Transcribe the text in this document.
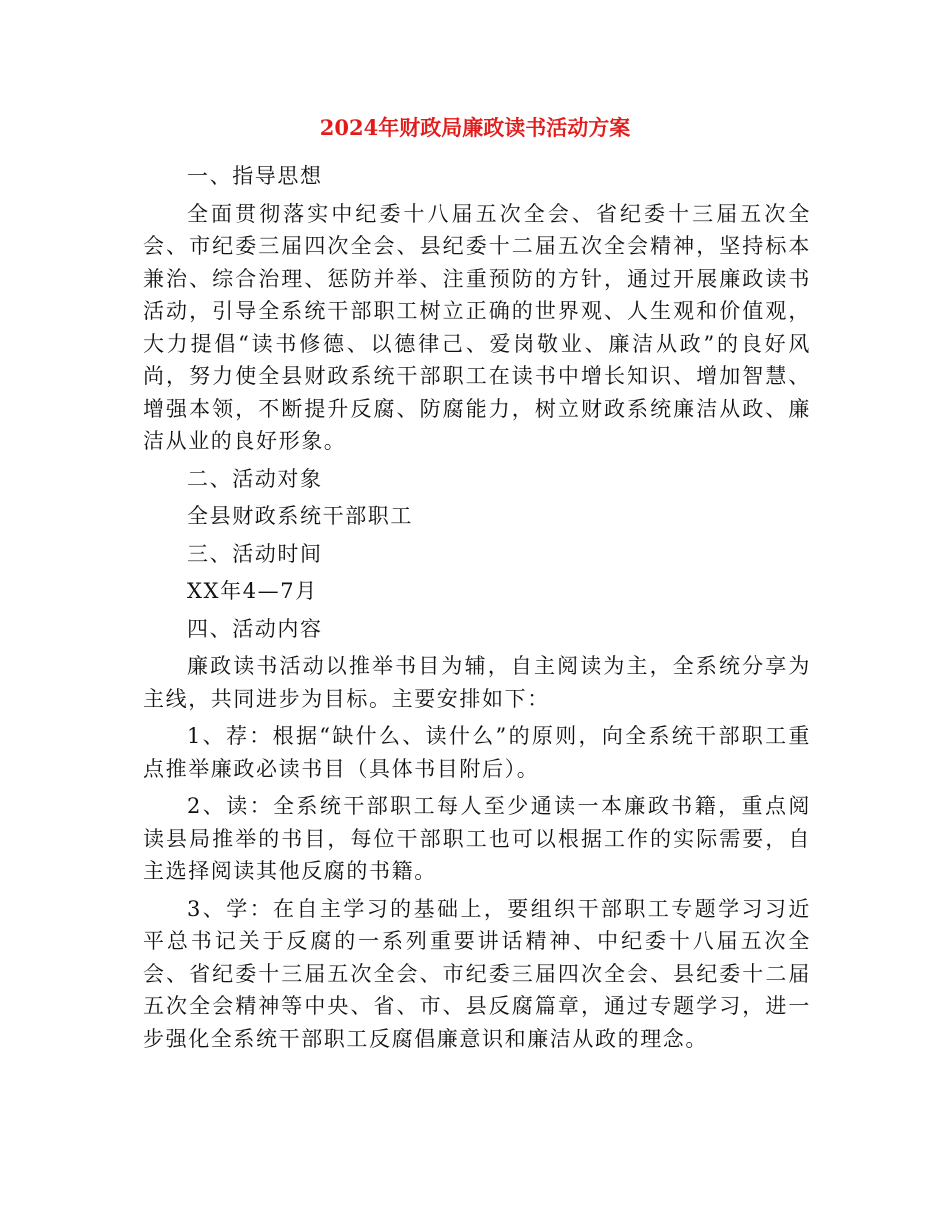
2024年财政局廉政读书活动方案

一、指导思想

全面贯彻落实中纪委十八届五次全会、省纪委十三届五次全会、市纪委三届四次全会、县纪委十二届五次全会精神，坚持标本兼治、综合治理、惩防并举、注重预防的方针，通过开展廉政读书活动，引导全系统干部职工树立正确的世界观、人生观和价值观，大力提倡“读书修德、以德律己、爱岗敬业、廉洁从政”的良好风尚，努力使全县财政系统干部职工在读书中增长知识、增加智慧、增强本领，不断提升反腐、防腐能力，树立财政系统廉洁从政、廉洁从业的良好形象。

二、活动对象

全县财政系统干部职工

三、活动时间

XX年4—7月

四、活动内容

廉政读书活动以推举书目为辅，自主阅读为主，全系统分享为主线，共同进步为目标。主要安排如下：

1、荐：根据“缺什么、读什么”的原则，向全系统干部职工重点推举廉政必读书目（具体书目附后）。

2、读：全系统干部职工每人至少通读一本廉政书籍，重点阅读县局推举的书目，每位干部职工也可以根据工作的实际需要，自主选择阅读其他反腐的书籍。

3、学：在自主学习的基础上，要组织干部职工专题学习习近平总书记关于反腐的一系列重要讲话精神、中纪委十八届五次全会、省纪委十三届五次全会、市纪委三届四次全会、县纪委十二届五次全会精神等中央、省、市、县反腐篇章，通过专题学习，进一步强化全系统干部职工反腐倡廉意识和廉洁从政的理念。
